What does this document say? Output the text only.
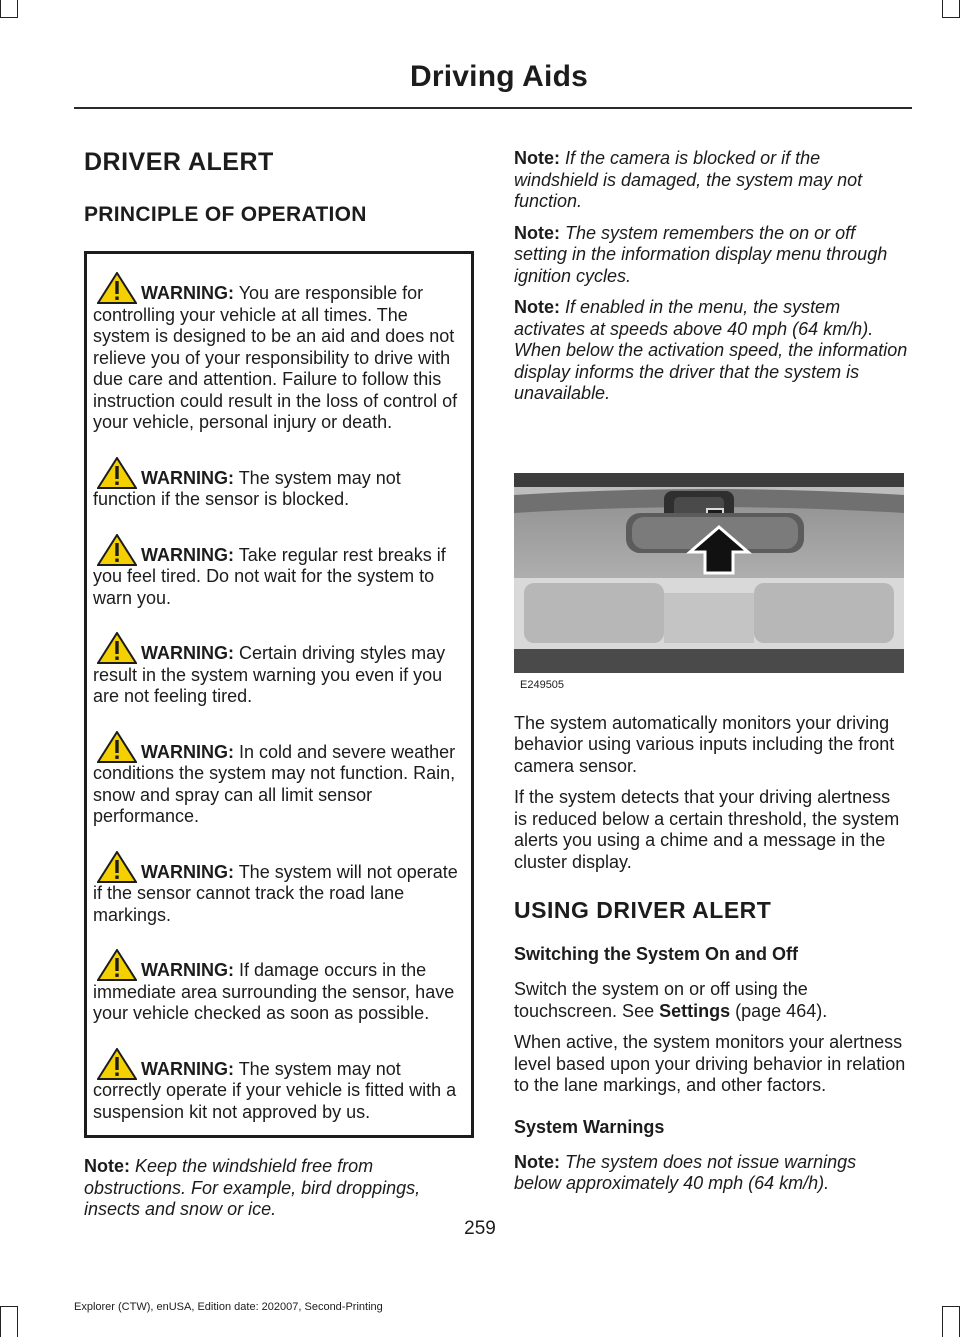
Driving Aids
DRIVER ALERT
PRINCIPLE OF OPERATION

WARNING: You are responsible for controlling your vehicle at all times. The system is designed to be an aid and does not relieve you of your responsibility to drive with due care and attention. Failure to follow this instruction could result in the loss of control of your vehicle, personal injury or death.

WARNING: The system may not function if the sensor is blocked.

WARNING: Take regular rest breaks if you feel tired. Do not wait for the system to warn you.

WARNING: Certain driving styles may result in the system warning you even if you are not feeling tired.

WARNING: In cold and severe weather conditions the system may not function. Rain, snow and spray can all limit sensor performance.

WARNING: The system will not operate if the sensor cannot track the road lane markings.

WARNING: If damage occurs in the immediate area surrounding the sensor, have your vehicle checked as soon as possible.

WARNING: The system may not correctly operate if your vehicle is fitted with a suspension kit not approved by us.

Note: Keep the windshield free from obstructions. For example, bird droppings, insects and snow or ice.

Note: If the camera is blocked or if the windshield is damaged, the system may not function.

Note: The system remembers the on or off setting in the information display menu through ignition cycles.

Note: If enabled in the menu, the system activates at speeds above 40 mph (64 km/h). When below the activation speed, the information display informs the driver that the system is unavailable.

E249505

The system automatically monitors your driving behavior using various inputs including the front camera sensor.

If the system detects that your driving alertness is reduced below a certain threshold, the system alerts you using a chime and a message in the cluster display.

USING DRIVER ALERT
Switching the System On and Off

Switch the system on or off using the touchscreen. See Settings (page 464).

When active, the system monitors your alertness level based upon your driving behavior in relation to the lane markings, and other factors.

System Warnings

Note: The system does not issue warnings below approximately 40 mph (64 km/h).

259
Explorer (CTW), enUSA, Edition date: 202007, Second-Printing
